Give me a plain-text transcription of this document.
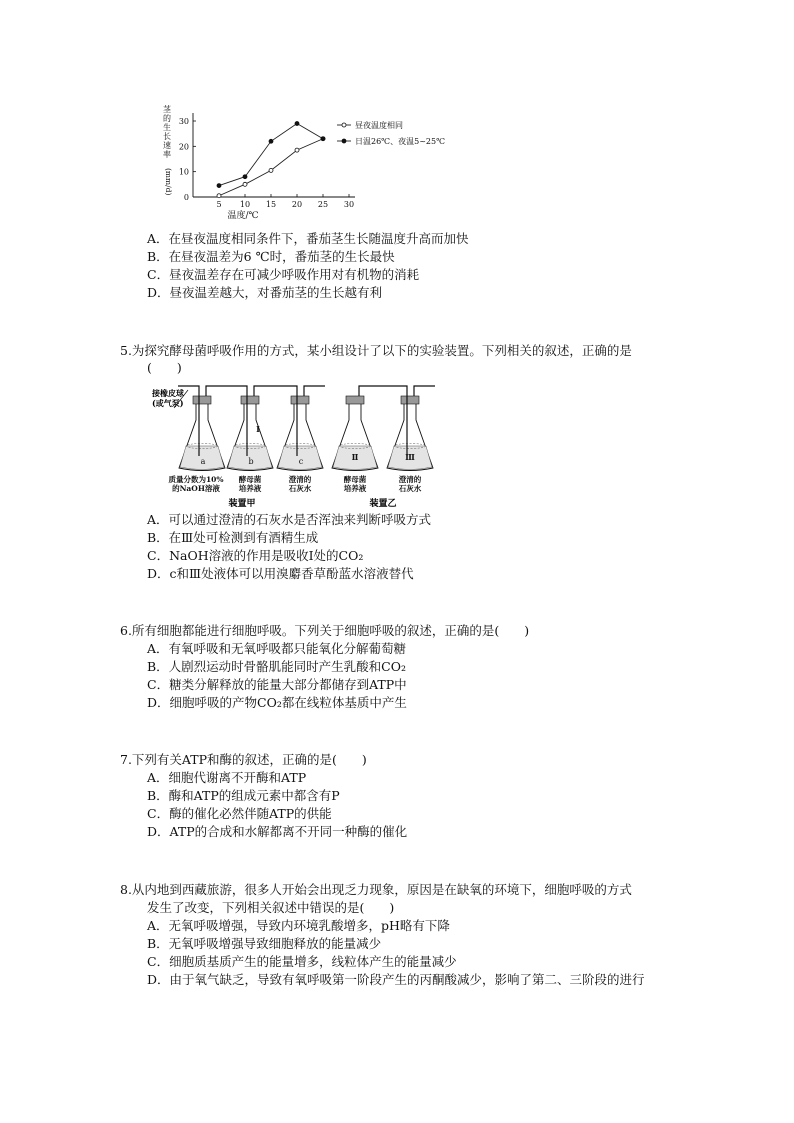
5 10 15 20 25 30
0
10
20
30
茎的生长速率
昼夜温度相同
日温26℃、夜温5~25℃
温度/℃
(mm/d)
A．在昼夜温度相同条件下，番茄茎生长随温度升高而加快
B．在昼夜温差为6 ℃时，番茄茎的生长最快
C．昼夜温差存在可减少呼吸作用对有机物的消耗
D．昼夜温差越大，对番茄茎的生长越有利
5.为探究酵母菌呼吸作用的方式，某小组设计了以下的实验装置。下列相关的叙述，正确的是
(　　)
接橡皮球
(或气泵)
a
质量分数为10%
的NaOH溶液
b
Ⅰ
酵母菌
培养液
c
澄清的
石灰水
Ⅱ
酵母菌
培养液
Ⅲ
澄清的
石灰水
装置甲	装置乙
A．可以通过澄清的石灰水是否浑浊来判断呼吸方式
B．在Ⅲ处可检测到有酒精生成
C．NaOH溶液的作用是吸收Ⅰ处的CO₂
D．c和Ⅲ处液体可以用溴麝香草酚蓝水溶液替代
6.所有细胞都能进行细胞呼吸。下列关于细胞呼吸的叙述，正确的是(　　)
A．有氧呼吸和无氧呼吸都只能氧化分解葡萄糖
B．人剧烈运动时骨骼肌能同时产生乳酸和CO₂
C．糖类分解释放的能量大部分都储存到ATP中
D．细胞呼吸的产物CO₂都在线粒体基质中产生
7.下列有关ATP和酶的叙述，正确的是(　　)
A．细胞代谢离不开酶和ATP
B．酶和ATP的组成元素中都含有P
C．酶的催化必然伴随ATP的供能
D．ATP的合成和水解都离不开同一种酶的催化
8.从内地到西藏旅游，很多人开始会出现乏力现象，原因是在缺氧的环境下，细胞呼吸的方式
发生了改变，下列相关叙述中错误的是(　　)
A．无氧呼吸增强，导致内环境乳酸增多，pH略有下降
B．无氧呼吸增强导致细胞释放的能量减少
C．细胞质基质产生的能量增多，线粒体产生的能量减少
D．由于氧气缺乏，导致有氧呼吸第一阶段产生的丙酮酸减少，影响了第二、三阶段的进行
